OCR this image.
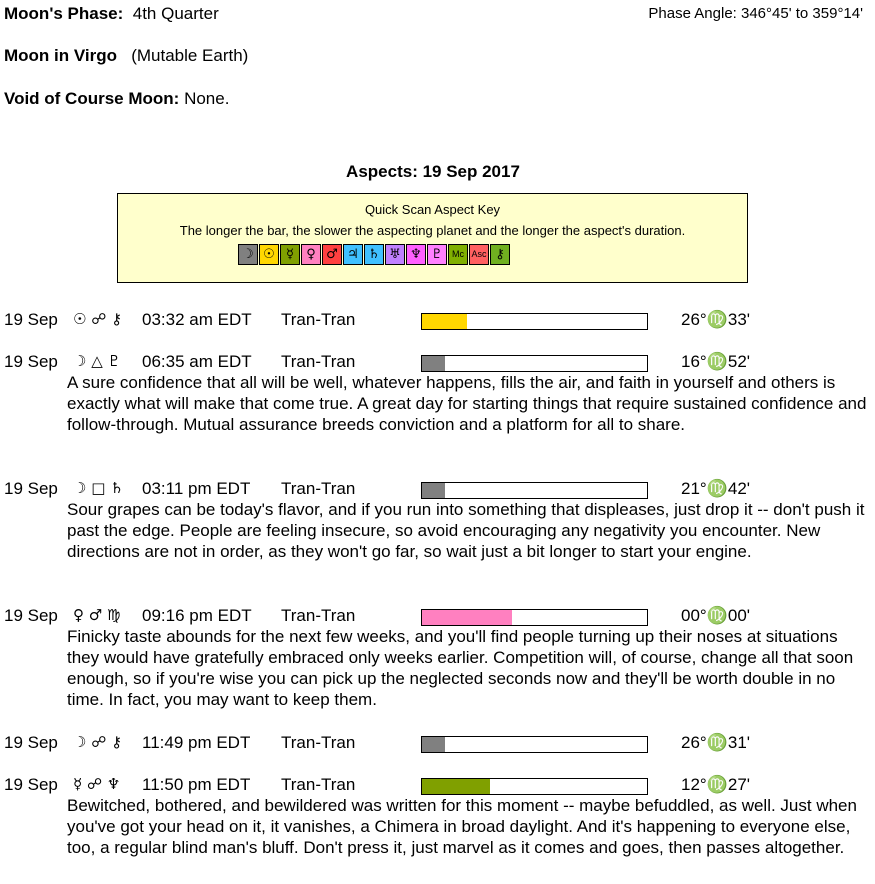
Moon's Phase: 4th Quarter	Phase Angle: 346°45' to 359°14'
Moon in Virgo (Mutable Earth)
Void of Course Moon: None.
Aspects: 19 Sep 2017
Quick Scan Aspect Key
The longer the bar, the slower the aspecting planet and the longer the aspect's duration.
☽ ☉ ☿ ♀ ♂ ♃ ♄ ♅ ♆ ♇	Mc Asc ⚷
19 Sep ☉ ☍ ⚷ 03:32 am EDT Tran-Tran	26°♍33'
19 Sep ☽ △ ♇ 06:35 am EDT Tran-Tran	16°♍52'
A sure confidence that all will be well, whatever happens, fills the air, and faith in yourself and others is exactly what will make that come true. A great day for starting things that require sustained confidence and follow-through. Mutual assurance breeds conviction and a platform for all to share.
19 Sep ☽ □ ♄ 03:11 pm EDT Tran-Tran	21°♍42'
Sour grapes can be today's flavor, and if you run into something that displeases, just drop it -- don't push it past the edge. People are feeling insecure, so avoid encouraging any negativity you encounter. New directions are not in order, as they won't go far, so wait just a bit longer to start your engine.
19 Sep ♀ ♂ ♍ 09:16 pm EDT Tran-Tran	00°♍00'
Finicky taste abounds for the next few weeks, and you'll find people turning up their noses at situations they would have gratefully embraced only weeks earlier. Competition will, of course, change all that soon enough, so if you're wise you can pick up the neglected seconds now and they'll be worth double in no time. In fact, you may want to keep them.
19 Sep ☽ ☍ ⚷ 11:49 pm EDT Tran-Tran	26°♍31'
19 Sep ☿ ☍ ♆ 11:50 pm EDT Tran-Tran	12°♍27'
Bewitched, bothered, and bewildered was written for this moment -- maybe befuddled, as well. Just when you've got your head on it, it vanishes, a Chimera in broad daylight. And it's happening to everyone else, too, a regular blind man's bluff. Don't press it, just marvel as it comes and goes, then passes altogether.
